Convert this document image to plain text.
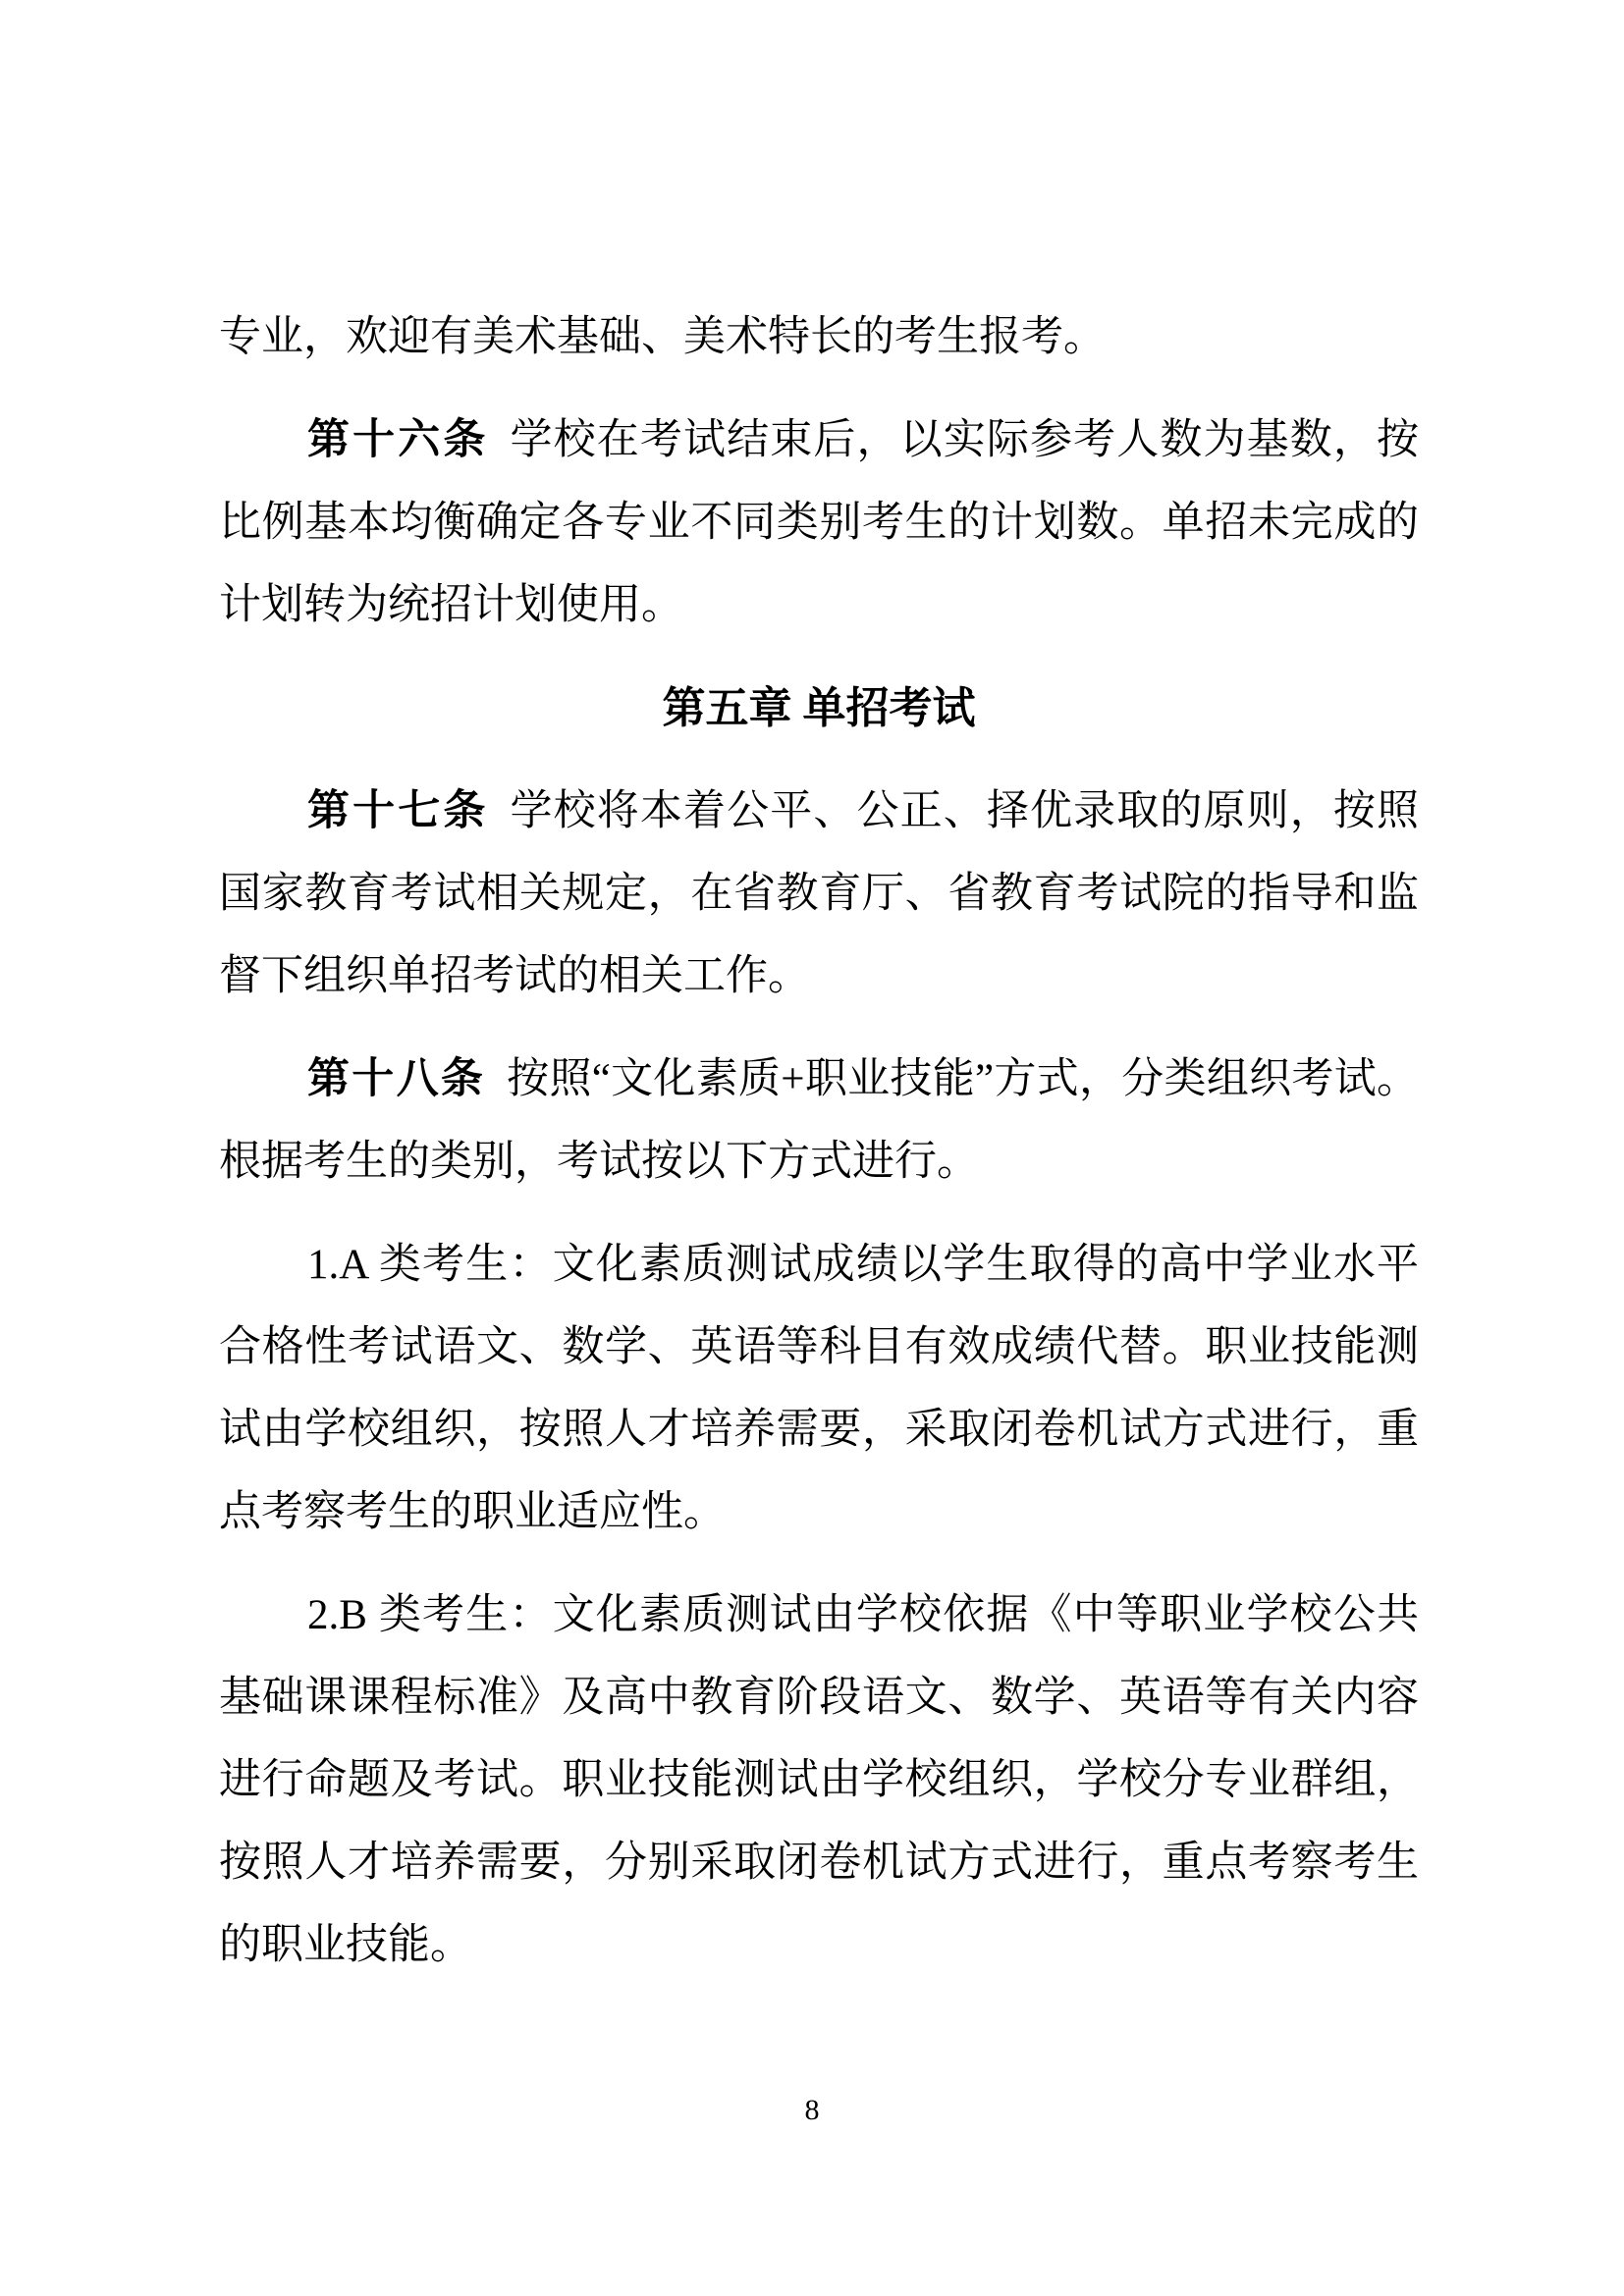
专业，欢迎有美术基础、美术特长的考生报考。
第十六条 学校在考试结束后，以实际参考人数为基数，按
比例基本均衡确定各专业不同类别考生的计划数。单招未完成的
计划转为统招计划使用。
第五章 单招考试
第十七条 学校将本着公平、公正、择优录取的原则，按照
国家教育考试相关规定，在省教育厅、省教育考试院的指导和监
督下组织单招考试的相关工作。
第十八条 按照“文化素质+职业技能”方式，分类组织考试。
根据考生的类别，考试按以下方式进行。
1.A 类考生：文化素质测试成绩以学生取得的高中学业水平
合格性考试语文、数学、英语等科目有效成绩代替。职业技能测
试由学校组织，按照人才培养需要，采取闭卷机试方式进行，重
点考察考生的职业适应性。
2.B 类考生：文化素质测试由学校依据《中等职业学校公共
基础课课程标准》及高中教育阶段语文、数学、英语等有关内容
进行命题及考试。职业技能测试由学校组织，学校分专业群组，
按照人才培养需要，分别采取闭卷机试方式进行，重点考察考生
的职业技能。
8
